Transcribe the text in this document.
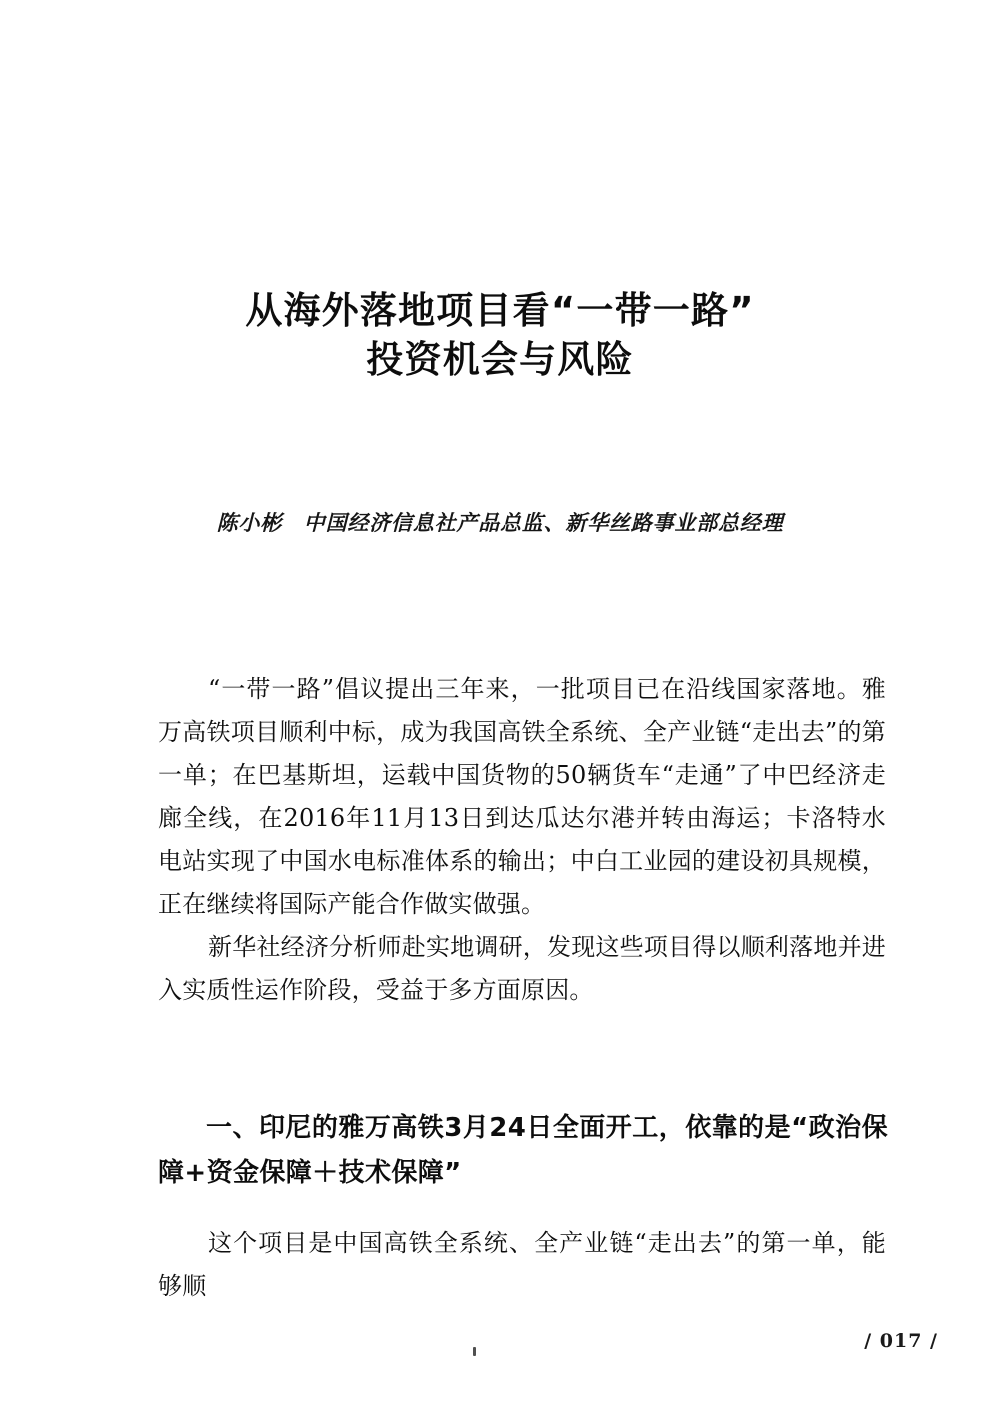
从海外落地项目看“一带一路”
投资机会与风险
陈小彬　中国经济信息社产品总监、新华丝路事业部总经理

“一带一路”倡议提出三年来，一批项目已在沿线国家落地。雅万高铁项目顺利中标，成为我国高铁全系统、全产业链“走出去”的第一单；在巴基斯坦，运载中国货物的50辆货车“走通”了中巴经济走廊全线，在2016年11月13日到达瓜达尔港并转由海运；卡洛特水电站实现了中国水电标准体系的输出；中白工业园的建设初具规模，正在继续将国际产能合作做实做强。

新华社经济分析师赴实地调研，发现这些项目得以顺利落地并进入实质性运作阶段，受益于多方面原因。

一、印尼的雅万高铁3月24日全面开工，依靠的是“政治保障+资金保障＋技术保障”

这个项目是中国高铁全系统、全产业链“走出去”的第一单，能够顺

/ 017 /
